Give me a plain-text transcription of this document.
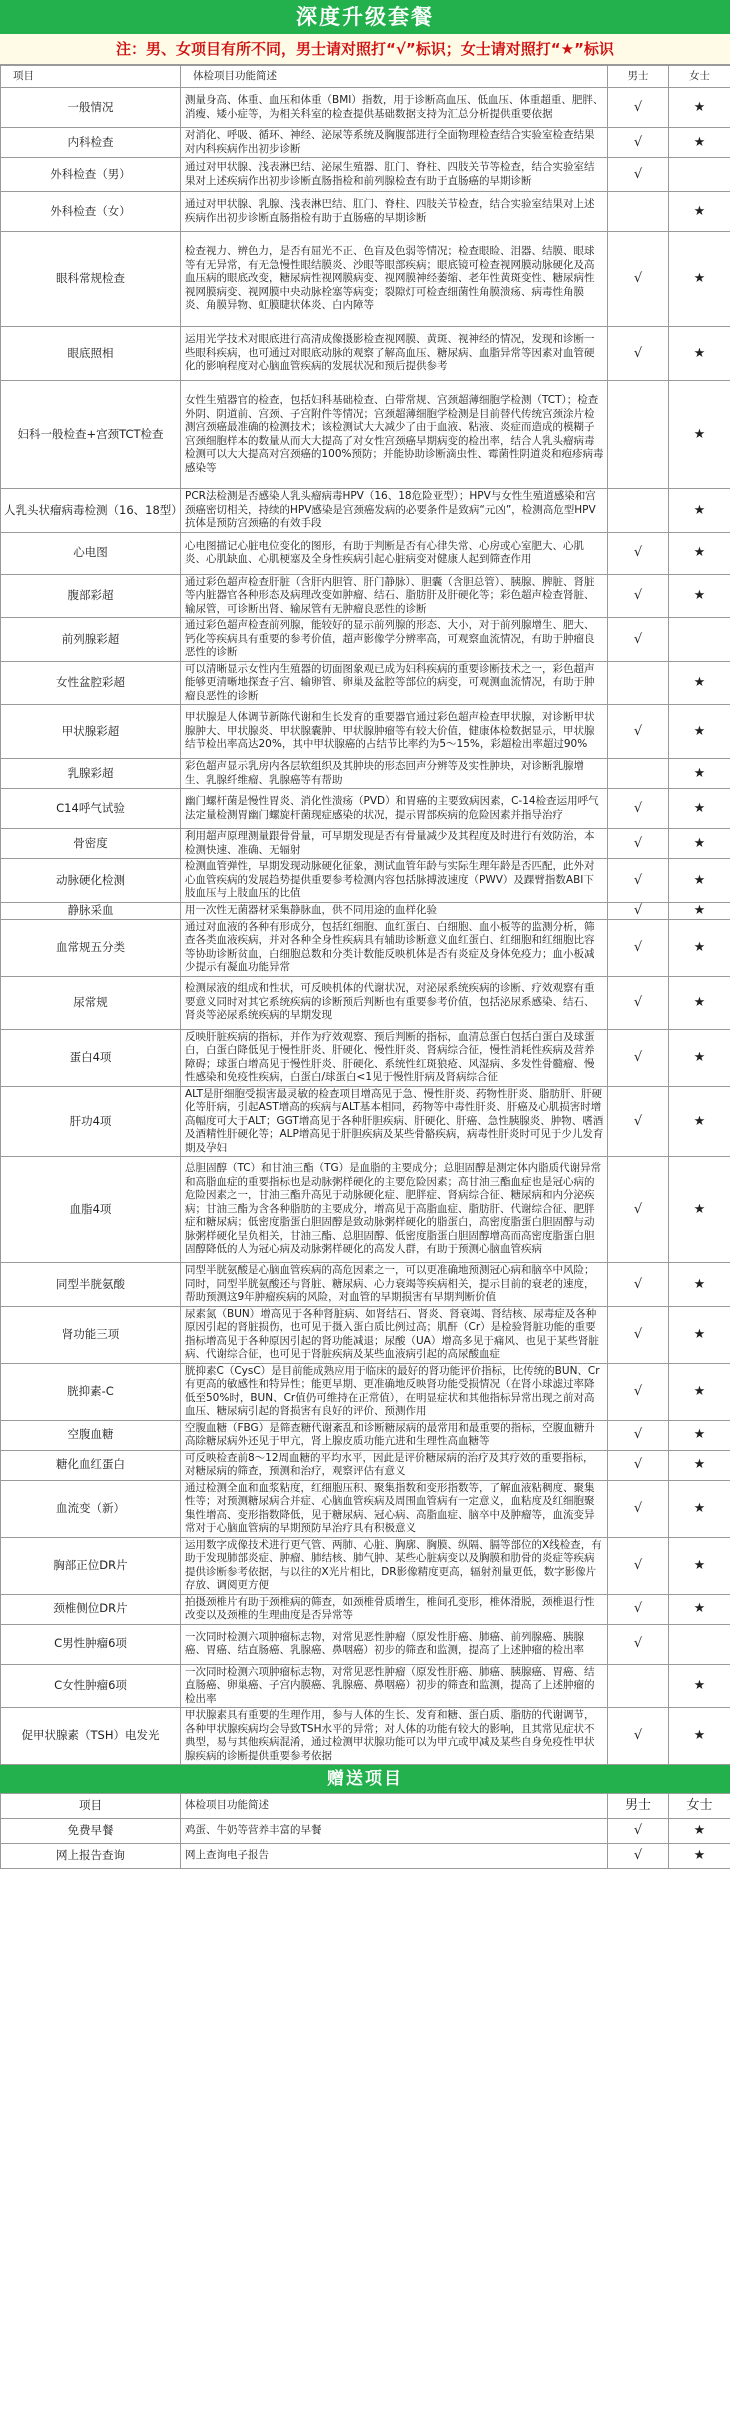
深度升级套餐
注：男、女项目有所不同，男士请对照打“√”标识；女士请对照打“★”标识
项目	体检项目功能简述	男士	女士
一般情况	测量身高、体重、血压和体重（BMI）指数，用于诊断高血压、低血压、体重超重、肥胖、消瘦、矮小症等，为相关科室的检查提供基础数据支持为汇总分析提供重要依据	√	★
内科检查	对消化、呼吸、循环、神经、泌尿等系统及胸腹部进行全面物理检查结合实验室检查结果对内科疾病作出初步诊断	√	★
外科检查（男）	通过对甲状腺、浅表淋巴结、泌尿生殖器、肛门、脊柱、四肢关节等检查，结合实验室结果对上述疾病作出初步诊断直肠指检和前列腺检查有助于直肠癌的早期诊断	√	
外科检查（女）	通过对甲状腺、乳腺、浅表淋巴结、肛门、脊柱、四肢关节检查，结合实验室结果对上述疾病作出初步诊断直肠指检有助于直肠癌的早期诊断		★
眼科常规检查	检查视力、辨色力，是否有屈光不正、色盲及色弱等情况；检查眼睑、泪器、结膜、眼球等有无异常，有无急慢性眼结膜炎、沙眼等眼部疾病；眼底镜可检查视网膜动脉硬化及高血压病的眼底改变，糖尿病性视网膜病变、视网膜神经萎缩、老年性黄斑变性、糖尿病性视网膜病变、视网膜中央动脉栓塞等病变；裂隙灯可检查细菌性角膜溃疡、病毒性角膜炎、角膜异物、虹膜睫状体炎、白内障等	√	★
眼底照相	运用光学技术对眼底进行高清成像摄影检查视网膜、黄斑、视神经的情况，发现和诊断一些眼科疾病，也可通过对眼底动脉的观察了解高血压、糖尿病、血脂异常等因素对血管硬化的影响程度对心脑血管疾病的发展状况和预后提供参考	√	★
妇科一般检查+宫颈TCT检查	女性生殖器官的检查，包括妇科基础检查、白带常规、宫颈超薄细胞学检测（TCT）；检查外阴、阴道前、宫颈、子宫附件等情况；宫颈超薄细胞学检测是目前替代传统宫颈涂片检测宫颈癌最准确的检测技术；该检测试大大减少了由于血液、粘液、炎症而造成的模糊子宫颈细胞样本的数量从而大大提高了对女性宫颈癌早期病变的检出率，结合人乳头瘤病毒检测可以大大提高对宫颈癌的100%预防；并能协助诊断滴虫性、霉菌性阴道炎和疱疹病毒感染等		★
人乳头状瘤病毒检测（16、18型）	PCR法检测是否感染人乳头瘤病毒HPV（16、18危险亚型）；HPV与女性生殖道感染和宫颈癌密切相关，持续的HPV感染是宫颈癌发病的必要条件是致病“元凶”，检测高危型HPV抗体是预防宫颈癌的有效手段		★
心电图	心电图描记心脏电位变化的图形，有助于判断是否有心律失常、心房或心室肥大、心肌炎、心肌缺血、心肌梗塞及全身性疾病引起心脏病变对健康人起到筛查作用	√	★
腹部彩超	通过彩色超声检查肝脏（含肝内胆管、肝门静脉）、胆囊（含胆总管）、胰腺、脾脏、肾脏等内脏器官各种形态及病理改变如肿瘤、结石、脂肪肝及肝硬化等；彩色超声检查肾脏、输尿管，可诊断出肾、输尿管有无肿瘤良恶性的诊断	√	★
前列腺彩超	通过彩色超声检查前列腺，能较好的显示前列腺的形态、大小，对于前列腺增生、肥大、钙化等疾病具有重要的参考价值，超声影像学分辨率高，可观察血流情况，有助于肿瘤良恶性的诊断	√	
女性盆腔彩超	可以清晰显示女性内生殖器的切面图象观已成为妇科疾病的重要诊断技术之一，彩色超声能够更清晰地探查子宫、输卵管、卵巢及盆腔等部位的病变，可观测血流情况，有助于肿瘤良恶性的诊断		★
甲状腺彩超	甲状腺是人体调节新陈代谢和生长发育的重要器官通过彩色超声检查甲状腺，对诊断甲状腺肿大、甲状腺炎、甲状腺囊肿、甲状腺肿瘤等有较大价值，健康体检数据显示，甲状腺结节检出率高达20%，其中甲状腺癌的占结节比率约为5～15%，彩超检出率超过90%	√	★
乳腺彩超	彩色超声显示乳房内各层软组织及其肿块的形态回声分辨等及实性肿块，对诊断乳腺增生、乳腺纤维瘤、乳腺癌等有帮助		★
C14呼气试验	幽门螺杆菌是慢性胃炎、消化性溃疡（PVD）和胃癌的主要致病因素，C-14检查运用呼气法定量检测胃幽门螺旋杆菌现症感染的状况，提示胃部疾病的危险因素并指导治疗	√	★
骨密度	利用超声原理测量跟骨骨量，可早期发现是否有骨量减少及其程度及时进行有效防治，本检测快速、准确、无辐射	√	★
动脉硬化检测	检测血管弹性，早期发现动脉硬化征象，测试血管年龄与实际生理年龄是否匹配，此外对心血管疾病的发展趋势提供重要参考检测内容包括脉搏波速度（PWV）及踝臂指数ABI下肢血压与上肢血压的比值	√	★
静脉采血	用一次性无菌器材采集静脉血，供不同用途的血样化验	√	★
血常规五分类	通过对血液的各种有形成分，包括红细胞、血红蛋白、白细胞、血小板等的监测分析，筛查各类血液疾病，并对各种全身性疾病具有辅助诊断意义血红蛋白、红细胞和红细胞比容等协助诊断贫血，白细胞总数和分类计数能反映机体是否有炎症及身体免疫力；血小板减少提示有凝血功能异常	√	★
尿常规	检测尿液的组成和性状，可反映机体的代谢状况，对泌尿系统疾病的诊断、疗效观察有重要意义同时对其它系统疾病的诊断预后判断也有重要参考价值，包括泌尿系感染、结石、肾炎等泌尿系统疾病的早期发现	√	★
蛋白4项	反映肝脏疾病的指标，并作为疗效观察、预后判断的指标，血清总蛋白包括白蛋白及球蛋白，白蛋白降低见于慢性肝炎、肝硬化、慢性肝炎、肾病综合征，慢性消耗性疾病及营养障碍；球蛋白增高见于慢性肝炎、肝硬化、系统性红斑狼疮、风湿病、多发性骨髓瘤、慢性感染和免疫性疾病，白蛋白/球蛋白<1见于慢性肝病及肾病综合征	√	★
肝功4项	ALT是肝细胞受损害最灵敏的检查项目增高见于急、慢性肝炎、药物性肝炎、脂肪肝、肝硬化等肝病，引起AST增高的疾病与ALT基本相同，药物等中毒性肝炎、肝癌及心肌损害时增高幅度可大于ALT；GGT增高见于各种肝胆疾病、肝硬化、肝癌、急性胰腺炎、肿物、嗜酒及酒精性肝硬化等；ALP增高见于肝胆疾病及某些骨骼疾病，病毒性肝炎时可见于少儿发育期及孕妇	√	★
血脂4项	总胆固醇（TC）和甘油三酯（TG）是血脂的主要成分；总胆固醇是测定体内脂质代谢异常和高脂血症的重要指标也是动脉粥样硬化的主要危险因素；高甘油三酯血症也是冠心病的危险因素之一，甘油三酯升高见于动脉硬化症、肥胖症、肾病综合征、糖尿病和内分泌疾病；甘油三酯为含各种脂肪的主要成分，增高见于高脂血症、脂肪肝、代谢综合征、肥胖症和糖尿病；低密度脂蛋白胆固醇是致动脉粥样硬化的脂蛋白，高密度脂蛋白胆固醇与动脉粥样硬化呈负相关，甘油三酯、总胆固醇、低密度脂蛋白胆固醇增高而高密度脂蛋白胆固醇降低的人为冠心病及动脉粥样硬化的高发人群，有助于预测心脑血管疾病	√	★
同型半胱氨酸	同型半胱氨酸是心脑血管疾病的高危因素之一，可以更准确地预测冠心病和脑卒中风险；同时，同型半胱氨酸还与肾脏、糖尿病、心力衰竭等疾病相关，提示目前的衰老的速度，帮助预测这9年肿瘤疾病的风险，对血管的早期损害有早期判断价值	√	★
肾功能三项	尿素氮（BUN）增高见于各种肾脏病、如肾结石、肾炎、肾衰竭、肾结核、尿毒症及各种原因引起的肾脏损伤，也可见于摄入蛋白质比例过高；肌酐（Cr）是检验肾脏功能的重要指标增高见于各种原因引起的肾功能减退；尿酸（UA）增高多见于痛风、也见于某些肾脏病、代谢综合征，也可见于肾脏疾病及某些血液病引起的高尿酸血症	√	★
胱抑素-C	胱抑素C（CysC）是目前能成熟应用于临床的最好的肾功能评价指标，比传统的BUN、Cr有更高的敏感性和特异性；能更早期、更准确地反映肾功能受损情况（在肾小球滤过率降低至50%时，BUN、Cr值仍可维持在正常值），在明显症状和其他指标异常出现之前对高血压、糖尿病引起的肾损害有良好的评价、预测作用	√	★
空腹血糖	空腹血糖（FBG）是筛查糖代谢紊乱和诊断糖尿病的最常用和最重要的指标，空腹血糖升高除糖尿病外还见于甲亢，肾上腺皮质功能亢进和生理性高血糖等	√	★
糖化血红蛋白	可反映检查前8～12周血糖的平均水平，因此是评价糖尿病的治疗及其疗效的重要指标，对糖尿病的筛查，预测和治疗，观察评估有意义	√	★
血流变（新）	通过检测全血和血浆粘度，红细胞压积、聚集指数和变形指数等，了解血液粘稠度、聚集性等；对预测糖尿病合并症、心脑血管疾病及周围血管病有一定意义，血粘度及红细胞聚集性增高、变形指数降低，见于糖尿病、冠心病、高脂血症、脑卒中及肿瘤等，血流变异常对于心脑血管病的早期预防早治疗具有积极意义	√	★
胸部正位DR片	运用数字成像技术进行更气管、两肺、心脏、胸廓、胸膜、纵隔、膈等部位的X线检查，有助于发现肺部炎症、肿瘤、肺结核、肺气肿、某些心脏病变以及胸膜和肋骨的炎症等疾病提供诊断参考依据，与以往的X光片相比，DR影像精度更高，辐射剂量更低，数字影像片存放、调阅更方便	√	★
颈椎侧位DR片	拍摄颈椎片有助于颈椎病的筛查，如颈椎骨质增生，椎间孔变形，椎体滑脱，颈椎退行性改变以及颈椎的生理曲度是否异常等	√	★
C男性肿瘤6项	一次同时检测六项肿瘤标志物，对常见恶性肿瘤（原发性肝癌、肺癌、前列腺癌、胰腺癌、胃癌、结直肠癌、乳腺癌、鼻咽癌）初步的筛查和监测，提高了上述肿瘤的检出率	√	
C女性肿瘤6项	一次同时检测六项肿瘤标志物，对常见恶性肿瘤（原发性肝癌、肺癌、胰腺癌、胃癌、结直肠癌、卵巢癌、子宫内膜癌、乳腺癌、鼻咽癌）初步的筛查和监测，提高了上述肿瘤的检出率		★
促甲状腺素（TSH）电发光	甲状腺素具有重要的生理作用，参与人体的生长、发育和糖、蛋白质、脂肪的代谢调节，各种甲状腺疾病均会导致TSH水平的异常；对人体的功能有较大的影响，且其常见症状不典型，易与其他疾病混淆，通过检测甲状腺功能可以为甲亢或甲减及某些自身免疫性甲状腺疾病的诊断提供重要参考依据	√	★
赠送项目
项目	体检项目功能简述	男士	女士
免费早餐	鸡蛋、牛奶等营养丰富的早餐	√	★
网上报告查询	网上查询电子报告	√	★
